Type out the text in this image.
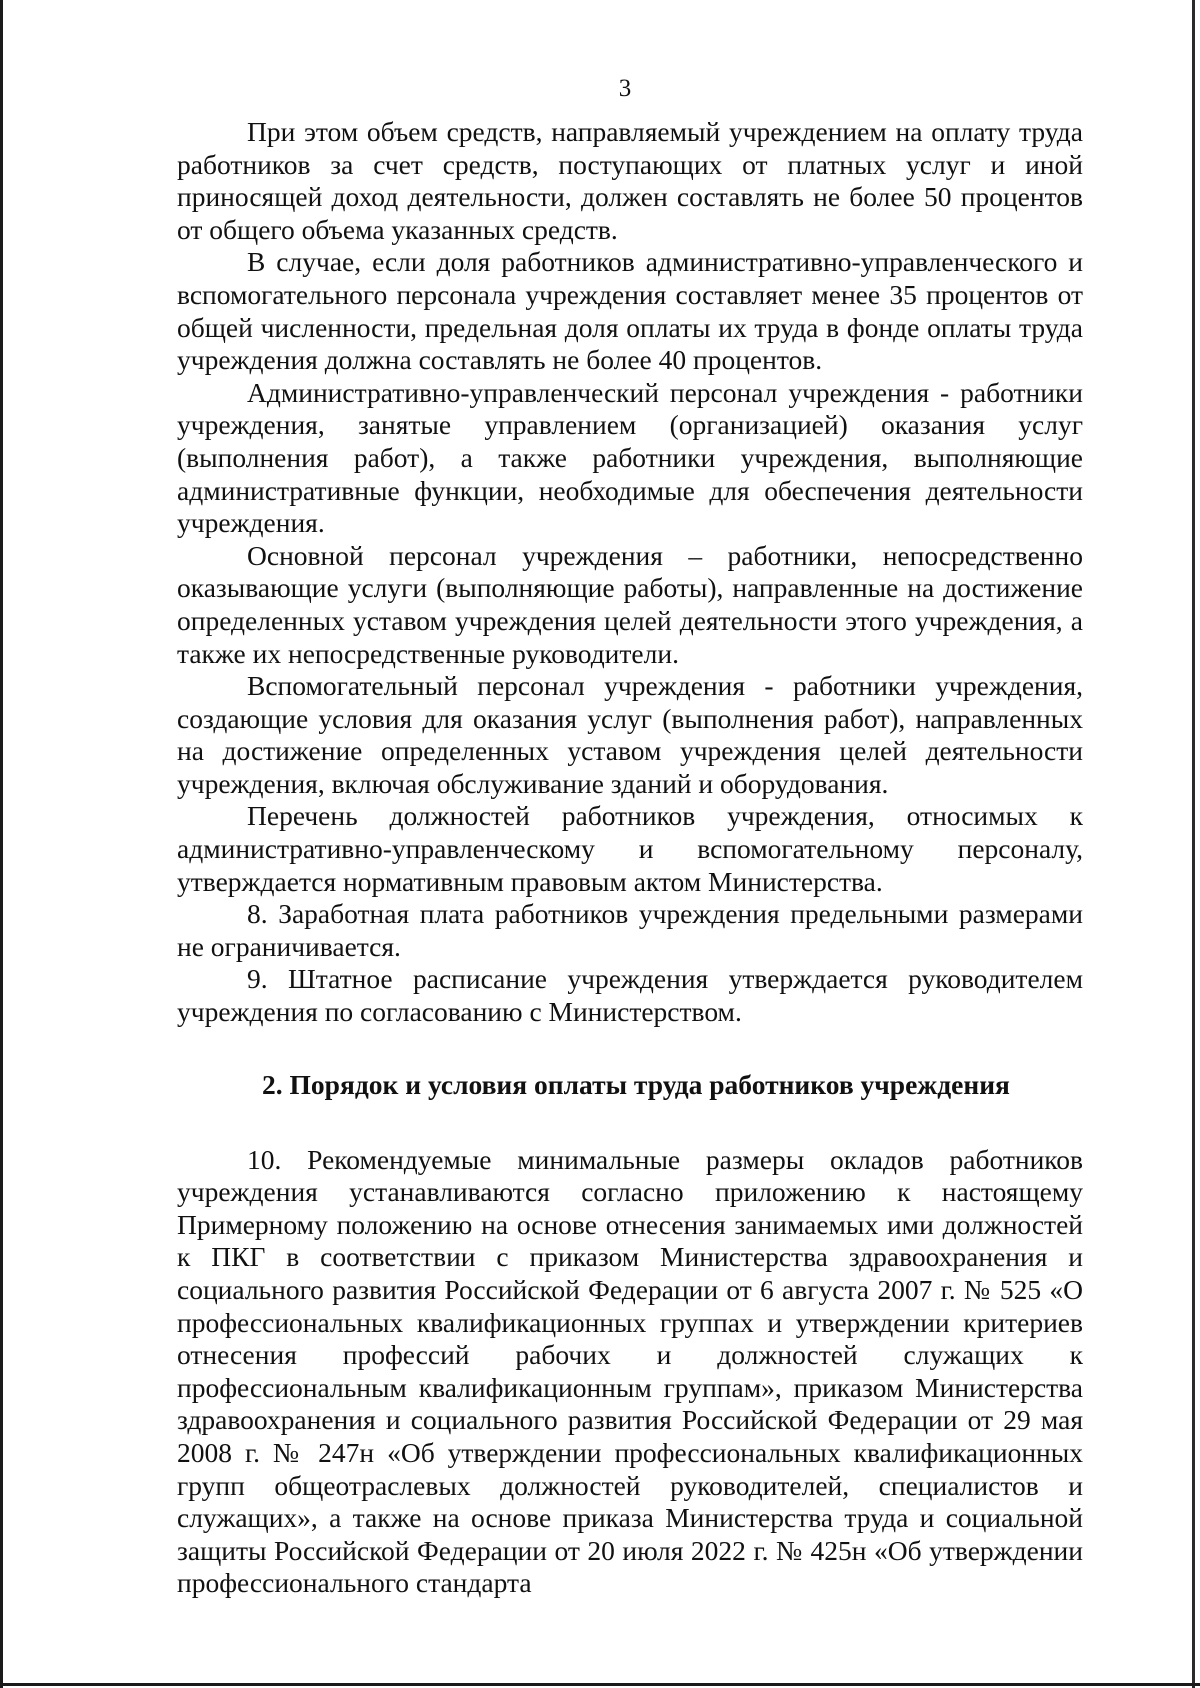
3

При этом объем средств, направляемый учреждением на оплату труда работников за счет средств, поступающих от платных услуг и иной приносящей доход деятельности, должен составлять не более 50 процентов от общего объема указанных средств.

В случае, если доля работников административно-управленческого и вспомогательного персонала учреждения составляет менее 35 процентов от общей численности, предельная доля оплаты их труда в фонде оплаты труда учреждения должна составлять не более 40 процентов.

Административно-управленческий персонал учреждения - работники учреждения, занятые управлением (организацией) оказания услуг (выполнения работ), а также работники учреждения, выполняющие административные функции, необходимые для обеспечения деятельности учреждения.

Основной персонал учреждения – работники, непосредственно оказывающие услуги (выполняющие работы), направленные на достижение определенных уставом учреждения целей деятельности этого учреждения, а также их непосредственные руководители.

Вспомогательный персонал учреждения - работники учреждения, создающие условия для оказания услуг (выполнения работ), направленных на достижение определенных уставом учреждения целей деятельности учреждения, включая обслуживание зданий и оборудования.

Перечень должностей работников учреждения, относимых к административно-управленческому и вспомогательному персоналу, утверждается нормативным правовым актом Министерства.

8. Заработная плата работников учреждения предельными размерами не ограничивается.

9. Штатное расписание учреждения утверждается руководителем учреждения по согласованию с Министерством.

2. Порядок и условия оплаты труда работников учреждения

10. Рекомендуемые минимальные размеры окладов работников учреждения устанавливаются согласно приложению к настоящему Примерному положению на основе отнесения занимаемых ими должностей к ПКГ в соответствии с приказом Министерства здравоохранения и социального развития Российской Федерации от 6 августа 2007 г. № 525 «О профессиональных квалификационных группах и утверждении критериев отнесения профессий рабочих и должностей служащих к профессиональным квалификационным группам», приказом Министерства здравоохранения и социального развития Российской Федерации от 29 мая 2008 г. № 247н «Об утверждении профессиональных квалификационных групп общеотраслевых должностей руководителей, специалистов и служащих», а также на основе приказа Министерства труда и социальной защиты Российской Федерации от 20 июля 2022 г. № 425н «Об утверждении профессионального стандарта
